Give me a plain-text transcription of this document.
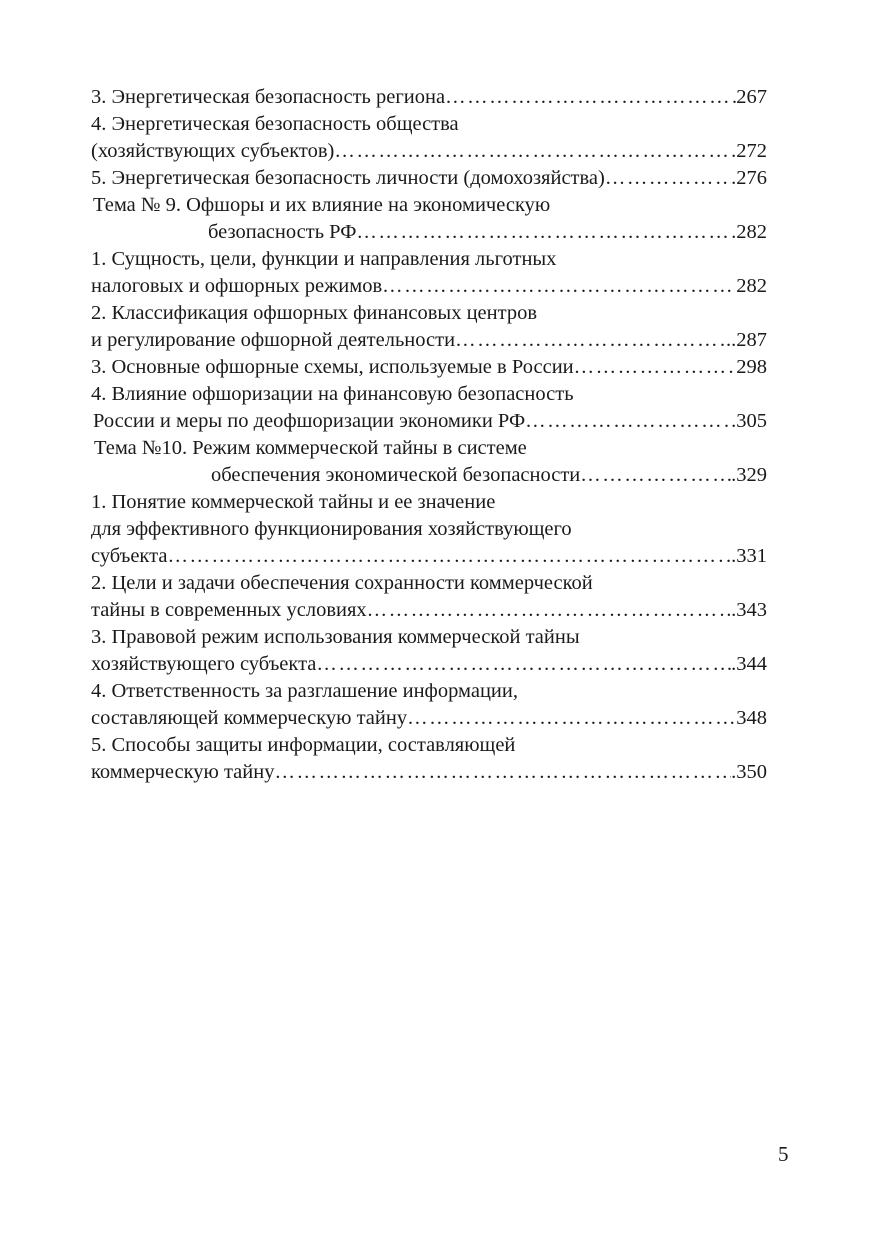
3. Энергетическая безопасность региона …………………………………………………………………………………………………………………………………………………………………	267
4. Энергетическая безопасность общества
(хозяйствующих субъектов) …………………………………………………………………………………………………………………………………………………………………	.272
5. Энергетическая безопасность личности (домохозяйства) …………………………………………………………………………………………………………………………………………………………………	.276
Тема № 9. Офшоры и их влияние на экономическую
безопасность РФ …………………………………………………………………………………………………………………………………………………………………	282
1. Сущность, цели, функции и направления льготных
налоговых и офшорных режимов …………………………………………………………………………………………………………………………………………………………………	282
2. Классификация офшорных финансовых центров
и регулирование офшорной деятельности …………………………………………………………………………………………………………………………………………………………………	..287
3. Основные офшорные схемы, используемые в России …………………………………………………………………………………………………………………………………………………………………	298
4. Влияние офшоризации на финансовую безопасность
России и меры по деофшоризации экономики РФ …………………………………………………………………………………………………………………………………………………………………	.305
Тема №10. Режим коммерческой тайны в системе
обеспечения экономической безопасности …………………………………………………………………………………………………………………………………………………………………	.329
1. Понятие коммерческой тайны и ее значение
для эффективного функционирования хозяйствующего
субъекта …………………………………………………………………………………………………………………………………………………………………	..331
2. Цели и задачи обеспечения сохранности коммерческой
тайны в современных условиях …………………………………………………………………………………………………………………………………………………………………	.343
3. Правовой режим использования коммерческой тайны
хозяйствующего субъекта …………………………………………………………………………………………………………………………………………………………………	.344
4. Ответственность за разглашение информации,
составляющей коммерческую тайну …………………………………………………………………………………………………………………………………………………………………	348
5. Способы защиты информации, составляющей
коммерческую тайну …………………………………………………………………………………………………………………………………………………………………	.350
5
